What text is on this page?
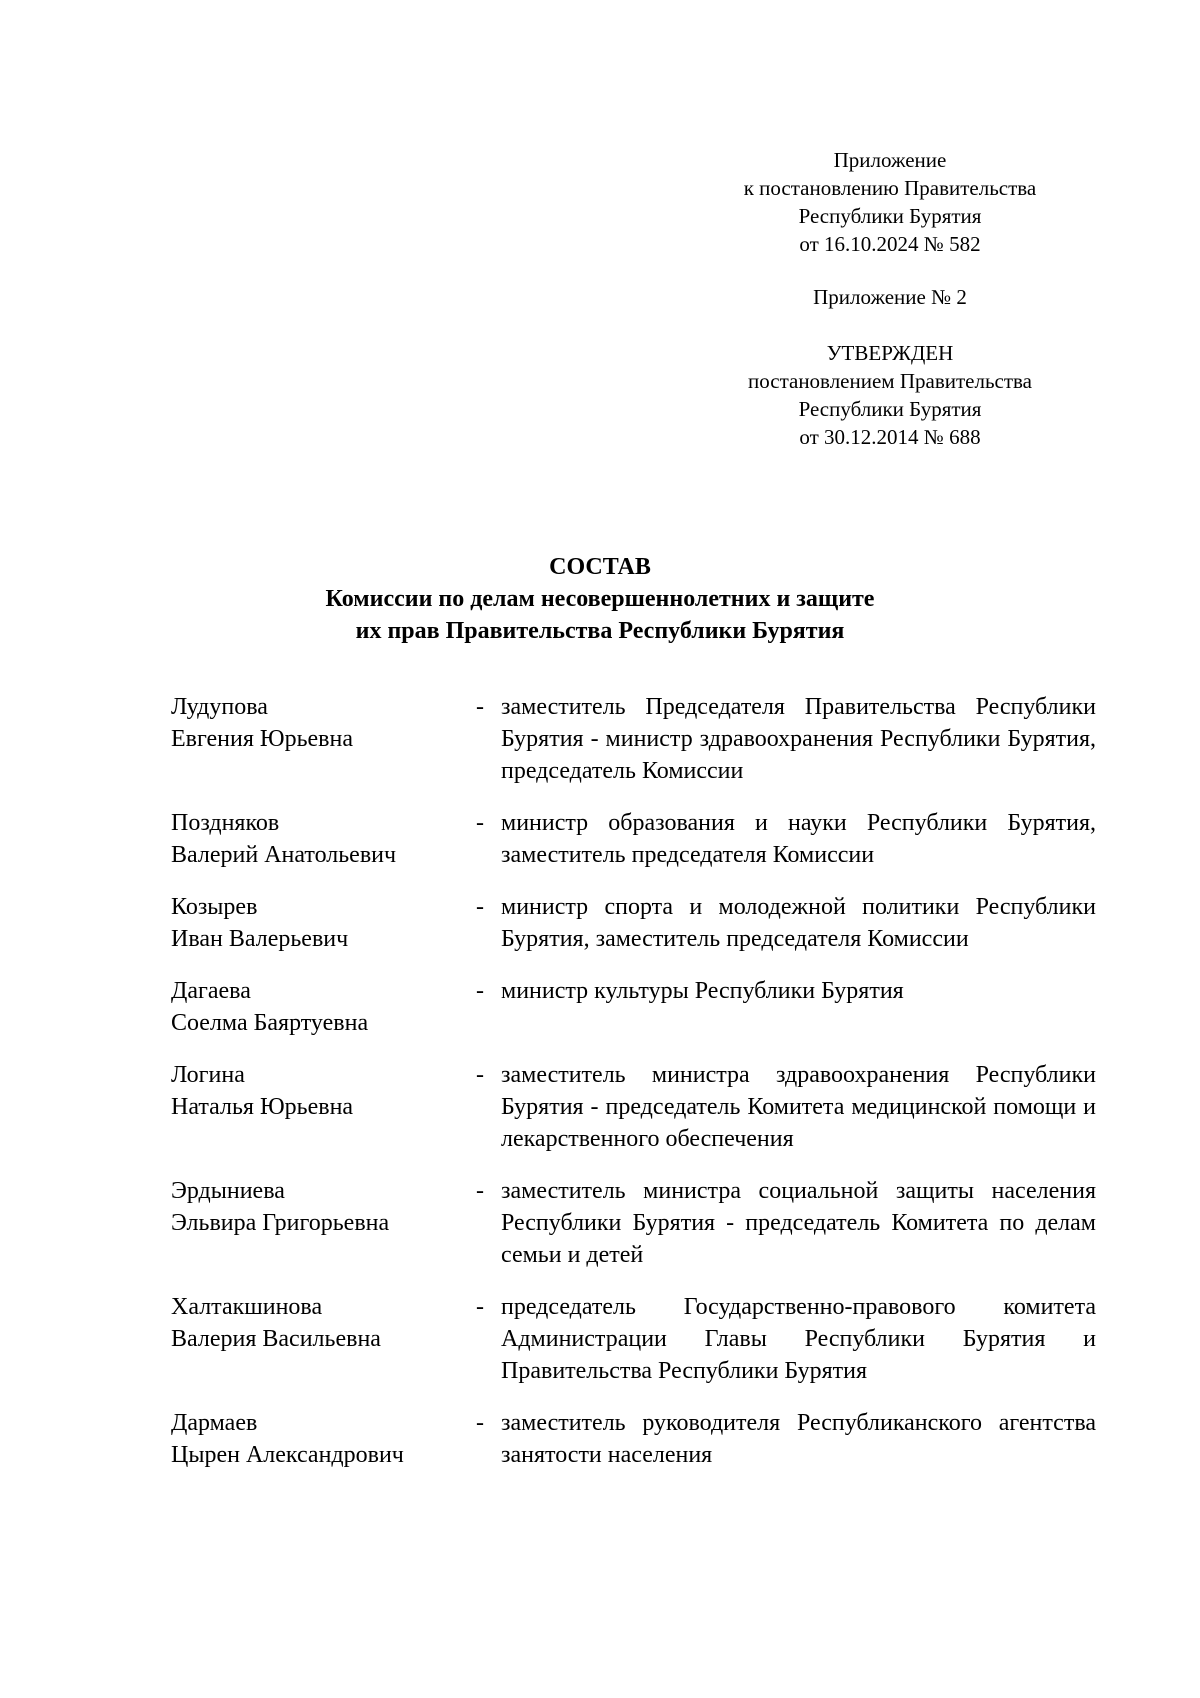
Приложение
к постановлению Правительства
Республики Бурятия
от 16.10.2024 № 582
Приложение № 2
УТВЕРЖДЕН
постановлением Правительства
Республики Бурятия
от 30.12.2014 № 688
СОСТАВ
Комиссии по делам несовершеннолетних и защите
их прав Правительства Республики Бурятия
Лудупова
Евгения Юрьевна
- заместитель Председателя Правительства Республики Бурятия - министр здравоохранения Республики Бурятия, председатель Комиссии
Поздняков
Валерий Анатольевич
- министр образования и науки Республики Бурятия, заместитель председателя Комиссии
Козырев
Иван Валерьевич
- министр спорта и молодежной политики Республики Бурятия, заместитель председателя Комиссии
Дагаева
Соелма Баяртуевна
- министр культуры Республики Бурятия
Логина
Наталья Юрьевна
- заместитель министра здравоохранения Республики Бурятия - председатель Комитета медицинской помощи и лекарственного обеспечения
Эрдыниева
Эльвира Григорьевна
- заместитель министра социальной защиты населения Республики Бурятия - председатель Комитета по делам семьи и детей
Халтакшинова
Валерия Васильевна
- председатель Государственно-правового комитета Администрации Главы Республики Бурятия и Правительства Республики Бурятия
Дармаев
Цырен Александрович
- заместитель руководителя Республиканского агентства занятости населения
